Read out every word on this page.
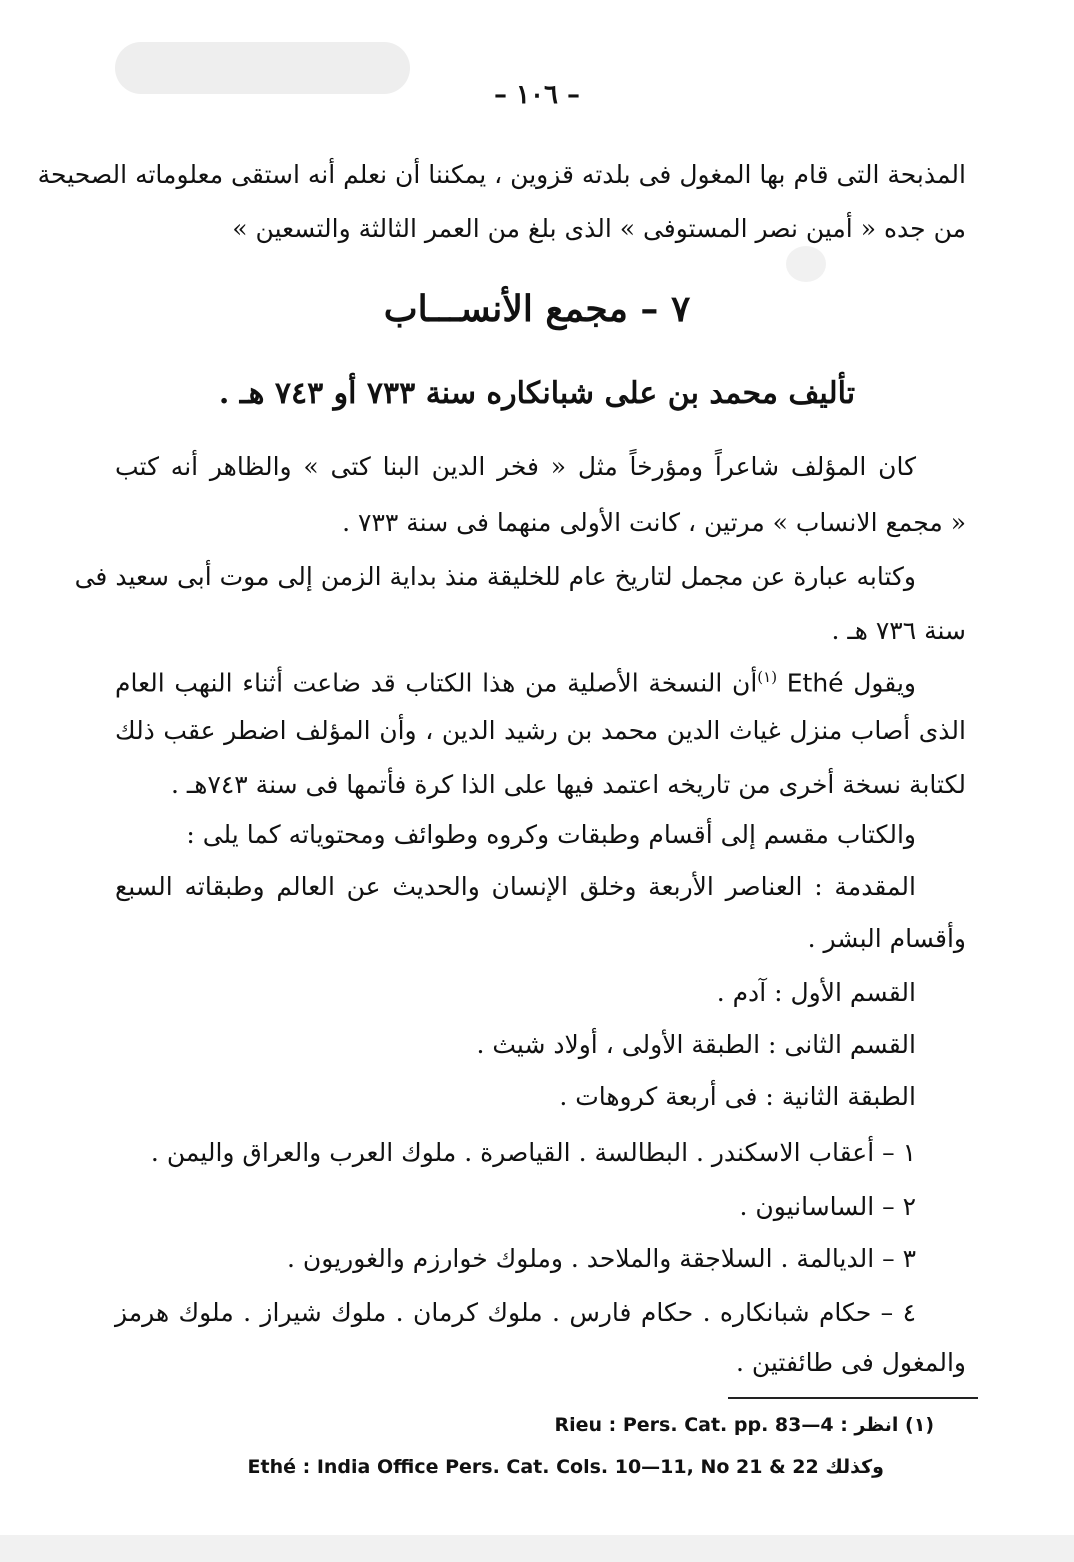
– ١٠٦ –
المذبحة التى قام بها المغول فى بلدته قزوين ، يمكننا أن نعلم أنه استقى معلوماته الصحيحة
من جده « أمين نصر المستوفى » الذى بلغ من العمر الثالثة والتسعين »
٧ – مجمع الأنســـاب
تأليف محمد بن على شبانكاره سنة ٧٣٣ أو ٧٤٣ هـ .
كان المؤلف شاعراً ومؤرخاً مثل « فخر الدين البنا كتى » والظاهر أنه كتب
« مجمع الانساب » مرتين ، كانت الأولى منهما فى سنة ٧٣٣ .
وكتابه عبارة عن مجمل لتاريخ عام للخليقة منذ بداية الزمن إلى موت أبى سعيد فى
سنة ٧٣٦ هـ .
ويقول Ethé $^{(١)}$أن النسخة الأصلية من هذا الكتاب قد ضاعت أثناء النهب العام
الذى أصاب منزل غياث الدين محمد بن رشيد الدين ، وأن المؤلف اضطر عقب ذلك
لكتابة نسخة أخرى من تاريخه اعتمد فيها على الذا كرة فأتمها فى سنة ٧٤٣هـ .
والكتاب مقسم إلى أقسام وطبقات وكروه وطوائف ومحتوياته كما يلى :
المقدمة : العناصر الأربعة وخلق الإنسان والحديث عن العالم وطبقاته السبع
وأقسام البشر .
القسم الأول : آدم .
القسم الثانى : الطبقة الأولى ، أولاد شيث .
الطبقة الثانية : فى أربعة كروهات .
١ – أعقاب الاسكندر . البطالسة . القياصرة . ملوك العرب والعراق واليمن .
٢ – الساسانيون .
٣ – الديالمة . السلاجقة والملاحد . وملوك خوارزم والغوريون .
٤ – حكام شبانكاره . حكام فارس . ملوك كرمان . ملوك شيراز . ملوك هرمز
والمغول فى طائفتين .
(١) انظر : Rieu : Pers. Cat. pp. 83—4
وكذلك Ethé : India Office Pers. Cat. Cols. 10—11, No 21 & 22
